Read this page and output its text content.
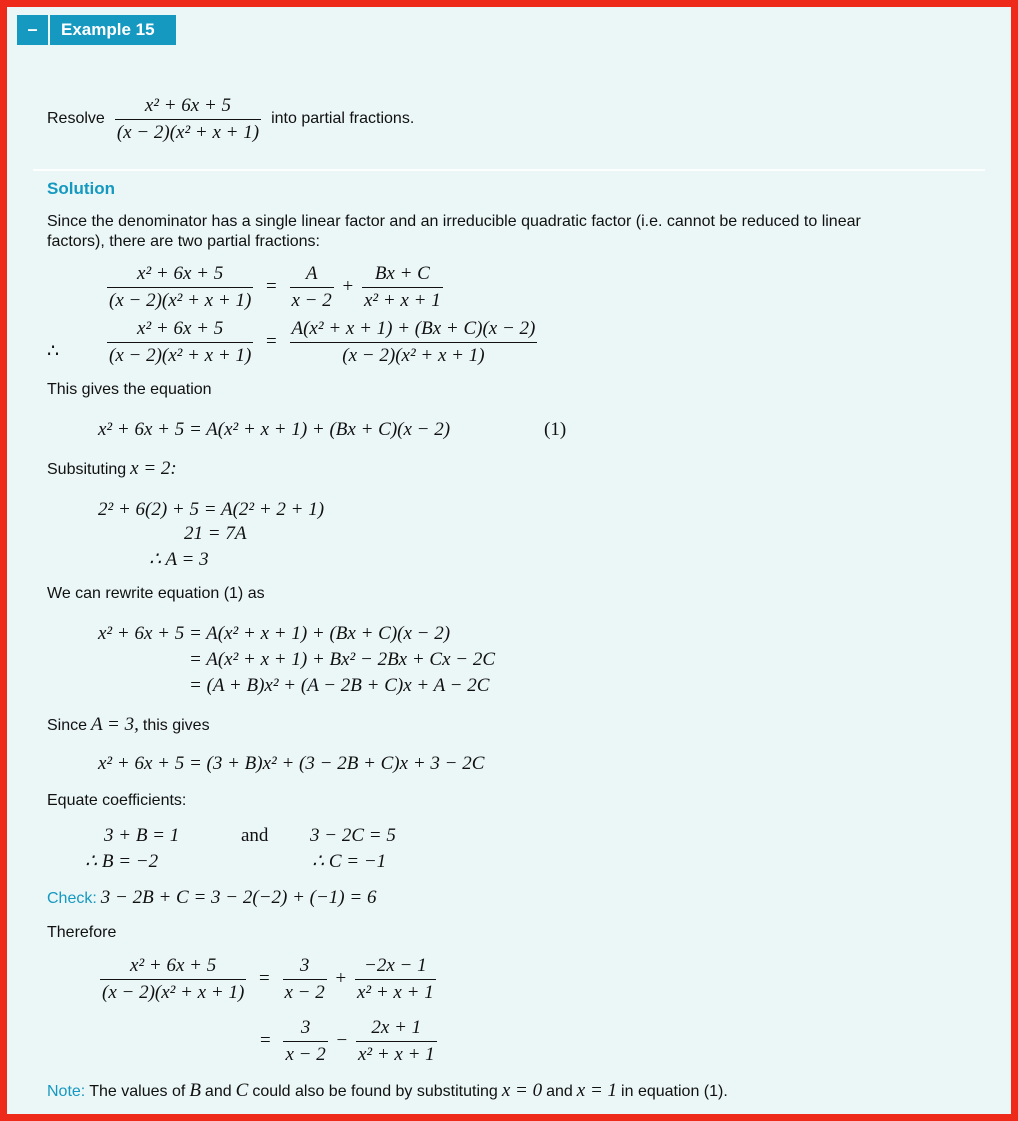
–	Example 15
Resolve $\frac{\text{x² + 6x + 5}}{\text{(x − 2)(x² + x + 1)}}$ into partial fractions.
Solution
Since the denominator has a single linear factor and an irreducible quadratic factor (i.e. cannot be reduced to linear
factors), there are two partial fractions:
$\frac{\text{x² + 6x + 5}}{\text{(x − 2)(x² + x + 1)}} = \frac{A}{x - 2} + \frac{Bx + C}{\text{x² + x + 1}}$
∴	$\frac{\text{x² + 6x + 5}}{\text{(x − 2)(x² + x + 1)}} = \frac{\text{A(x² + x + 1) + (Bx + C)(x − 2)}}{\text{(x − 2)(x² + x + 1)}}$
This gives the equation
x² + 6x + 5 = A(x² + x + 1) + (Bx + C)(x − 2)	(1)
Subsituting x = 2:
2² + 6(2) + 5 = A(2² + 2 + 1)
21 = 7A
∴ A = 3
We can rewrite equation (1) as
x² + 6x + 5 = A(x² + x + 1) + (Bx + C)(x − 2)
= A(x² + x + 1) + Bx² − 2Bx + Cx − 2C
= (A + B)x² + (A − 2B + C)x + A − 2C
Since A = 3, this gives
x² + 6x + 5 = (3 + B)x² + (3 − 2B + C)x + 3 − 2C
Equate coefficients:
3 + B = 1
∴ B = −2
and 3 − 2C = 5
∴ C = −1
Check: 3 − 2B + C = 3 − 2(−2) + (−1) = 6
Therefore
$\frac{\text{x² + 6x + 5}}{\text{(x − 2)(x² + x + 1)}} = \frac{3}{x - 2} + \frac{-2x - 1}{\text{x² + x + 1}}$
= $\frac{3}{x - 2} - \frac{2x + 1}{\text{x² + x + 1}}$
Note: The values of B and C could also be found by substituting x = 0 and x = 1 in equation (1).
